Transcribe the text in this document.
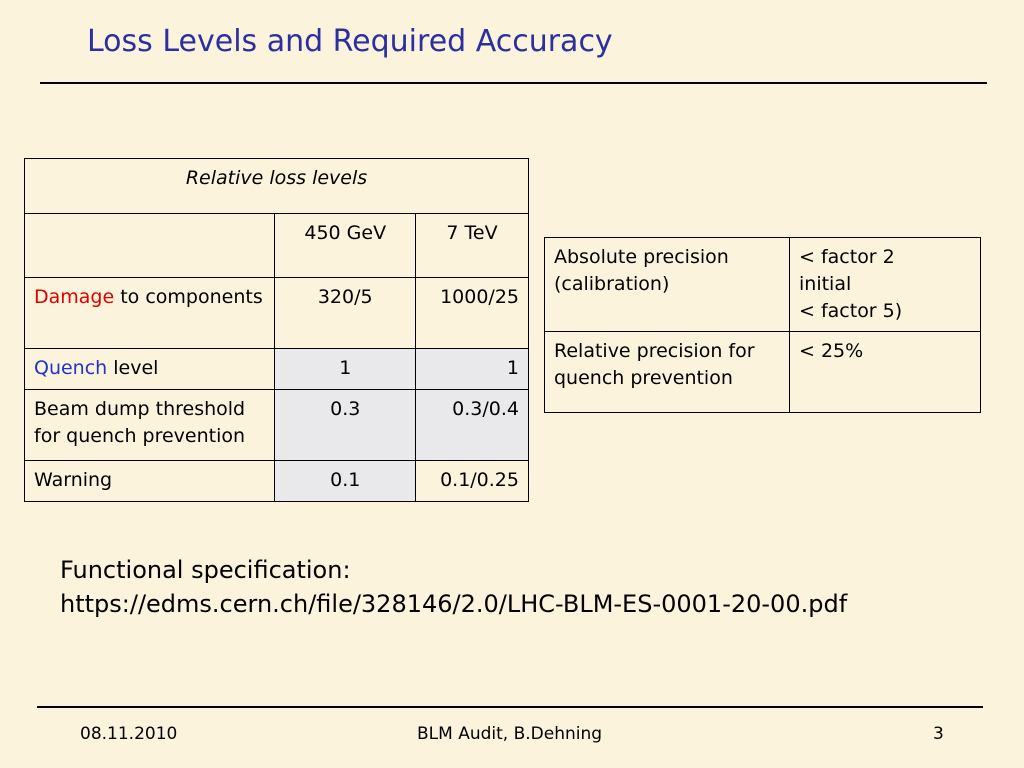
Loss Levels and Required Accuracy
Relative loss levels		
	450 GeV	7 TeV
Damage to components	320/5	1000/25
Quench level	1	1
Beam dump threshold for quench prevention	0.3	0.3/0.4
Warning	0.1	0.1/0.25
Absolute precision (calibration)	< factor 2
initial
< factor 5)

Relative precision for quench prevention	< 25%
Functional specification:
https://edms.cern.ch/file/328146/2.0/LHC-BLM-ES-0001-20-00.pdf
08.11.2010	BLM Audit, B.Dehning	3
